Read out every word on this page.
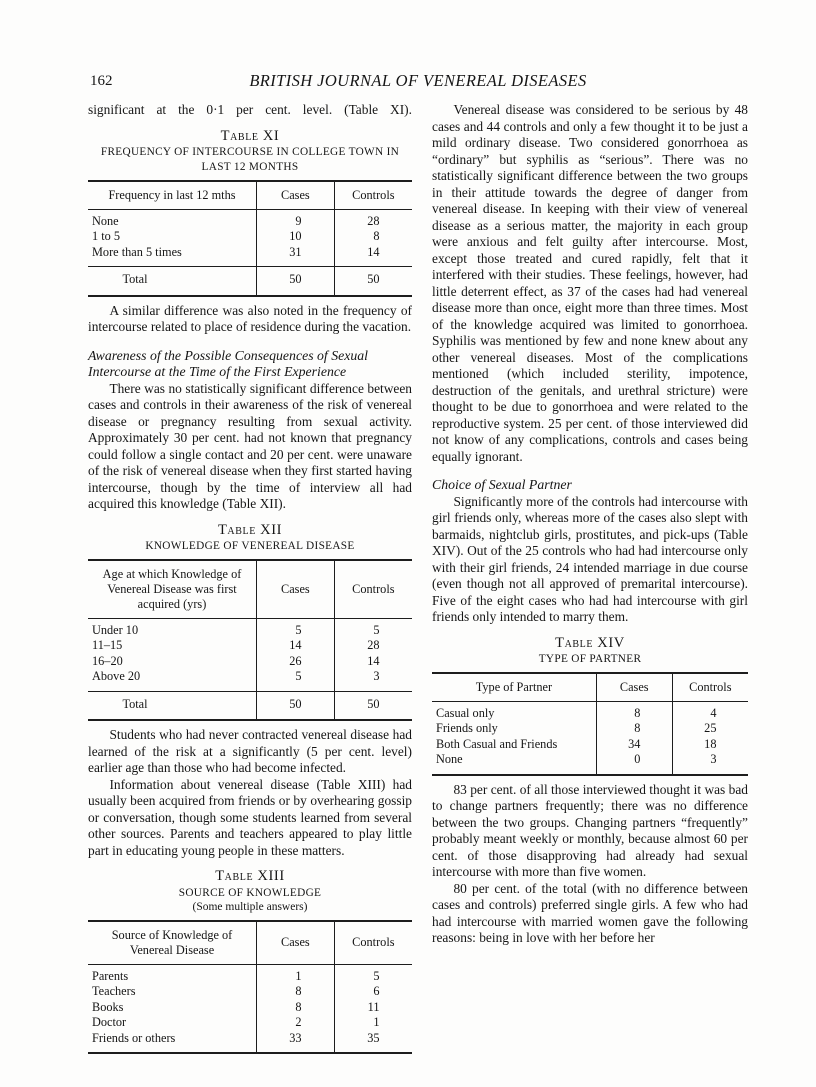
162	BRITISH JOURNAL OF VENEREAL DISEASES

significant at the 0·1 per cent. level. (Table XI).

Table XI
FREQUENCY OF INTERCOURSE IN COLLEGE TOWN IN LAST 12 MONTHS
Frequency in last 12 mths	Cases	Controls
None	9	28
1 to 5	10	8
More than 5 times	31	14
Total	50	50

A similar difference was also noted in the frequency of intercourse related to place of residence during the vacation.

Awareness of the Possible Consequences of Sexual Intercourse at the Time of the First Experience

There was no statistically significant difference between cases and controls in their awareness of the risk of venereal disease or pregnancy resulting from sexual activity. Approximately 30 per cent. had not known that pregnancy could follow a single contact and 20 per cent. were unaware of the risk of venereal disease when they first started having intercourse, though by the time of interview all had acquired this knowledge (Table XII).

Table XII
KNOWLEDGE OF VENEREAL DISEASE
Age at which Knowledge of Venereal Disease was first acquired (yrs)	Cases	Controls
Under 10	5	5
11–15	14	28
16–20	26	14
Above 20	5	3
Total	50	50

Students who had never contracted venereal disease had learned of the risk at a significantly (5 per cent. level) earlier age than those who had become infected.

Information about venereal disease (Table XIII) had usually been acquired from friends or by overhearing gossip or conversation, though some students learned from several other sources. Parents and teachers appeared to play little part in educating young people in these matters.

Table XIII
SOURCE OF KNOWLEDGE
(Some multiple answers)
Source of Knowledge of Venereal Disease	Cases	Controls
Parents	1	5
Teachers	8	6
Books	8	11
Doctor	2	1
Friends or others	33	35

Venereal disease was considered to be serious by 48 cases and 44 controls and only a few thought it to be just a mild ordinary disease. Two considered gonorrhoea as “ordinary” but syphilis as “serious”. There was no statistically significant difference between the two groups in their attitude towards the degree of danger from venereal disease. In keeping with their view of venereal disease as a serious matter, the majority in each group were anxious and felt guilty after intercourse. Most, except those treated and cured rapidly, felt that it interfered with their studies. These feelings, however, had little deterrent effect, as 37 of the cases had had venereal disease more than once, eight more than three times. Most of the knowledge acquired was limited to gonorrhoea. Syphilis was mentioned by few and none knew about any other venereal diseases. Most of the complications mentioned (which included sterility, impotence, destruction of the genitals, and urethral stricture) were thought to be due to gonorrhoea and were related to the reproductive system. 25 per cent. of those interviewed did not know of any complications, controls and cases being equally ignorant.

Choice of Sexual Partner

Significantly more of the controls had intercourse with girl friends only, whereas more of the cases also slept with barmaids, nightclub girls, prostitutes, and pick-ups (Table XIV). Out of the 25 controls who had had intercourse only with their girl friends, 24 intended marriage in due course (even though not all approved of premarital intercourse). Five of the eight cases who had had intercourse with girl friends only intended to marry them.

Table XIV
TYPE OF PARTNER
Type of Partner	Cases	Controls
Casual only	8	4
Friends only	8	25
Both Casual and Friends	34	18
None	0	3

83 per cent. of all those interviewed thought it was bad to change partners frequently; there was no difference between the two groups. Changing partners “frequently” probably meant weekly or monthly, because almost 60 per cent. of those disapproving had already had sexual intercourse with more than five women.

80 per cent. of the total (with no difference between cases and controls) preferred single girls. A few who had had intercourse with married women gave the following reasons: being in love with her before her
